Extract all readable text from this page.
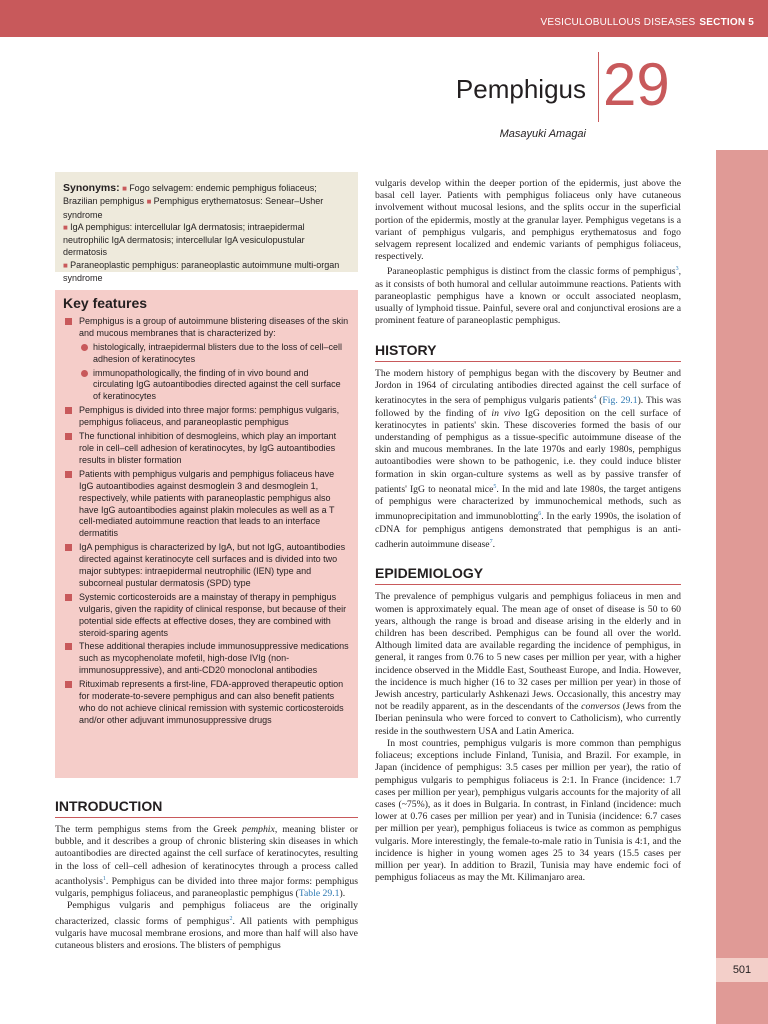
VESICULOBULLOUS DISEASES SECTION 5
501
Pemphigus 29
Masayuki Amagai
Synonyms: ■ Fogo selvagem: endemic pemphigus foliaceus; Brazilian pemphigus ■ Pemphigus erythematosus: Senear–Usher syndrome
■ IgA pemphigus: intercellular IgA dermatosis; intraepidermal neutrophilic IgA dermatosis; intercellular IgA vesiculopustular dermatosis
■ Paraneoplastic pemphigus: paraneoplastic autoimmune multi-organ syndrome
Key features
Pemphigus is a group of autoimmune blistering diseases of the skin and mucous membranes that is characterized by:
histologically, intraepidermal blisters due to the loss of cell–cell adhesion of keratinocytes
immunopathologically, the finding of in vivo bound and circulating IgG autoantibodies directed against the cell surface of keratinocytes
Pemphigus is divided into three major forms: pemphigus vulgaris, pemphigus foliaceus, and paraneoplastic pemphigus
The functional inhibition of desmogleins, which play an important role in cell–cell adhesion of keratinocytes, by IgG autoantibodies results in blister formation
Patients with pemphigus vulgaris and pemphigus foliaceus have IgG autoantibodies against desmoglein 3 and desmoglein 1, respectively, while patients with paraneoplastic pemphigus also have IgG autoantibodies against plakin molecules as well as a T cell-mediated autoimmune reaction that leads to an interface dermatitis
IgA pemphigus is characterized by IgA, but not IgG, autoantibodies directed against keratinocyte cell surfaces and is divided into two major subtypes: intraepidermal neutrophilic (IEN) type and subcorneal pustular dermatosis (SPD) type
Systemic corticosteroids are a mainstay of therapy in pemphigus vulgaris, given the rapidity of clinical response, but because of their potential side effects at effective doses, they are combined with steroid-sparing agents
These additional therapies include immunosuppressive medications such as mycophenolate mofetil, high-dose IVIg (non-immunosuppressive), and anti-CD20 monoclonal antibodies
Rituximab represents a first-line, FDA-approved therapeutic option for moderate-to-severe pemphigus and can also benefit patients who do not achieve clinical remission with systemic corticosteroids and/or other adjuvant immunosuppressive drugs
INTRODUCTION

The term pemphigus stems from the Greek pemphix, meaning blister or bubble, and it describes a group of chronic blistering skin diseases in which autoantibodies are directed against the cell surface of keratinocytes, resulting in the loss of cell–cell adhesion of keratinocytes through a process called acantholysis$^1$. Pemphigus can be divided into three major forms: pemphigus vulgaris, pemphigus foliaceus, and paraneoplastic pemphigus (Table 29.1).

Pemphigus vulgaris and pemphigus foliaceus are the originally characterized, classic forms of pemphigus$^2$. All patients with pemphigus vulgaris have mucosal membrane erosions, and more than half will also have cutaneous blisters and erosions. The blisters of pemphigus

vulgaris develop within the deeper portion of the epidermis, just above the basal cell layer. Patients with pemphigus foliaceus only have cutaneous involvement without mucosal lesions, and the splits occur in the superficial portion of the epidermis, mostly at the granular layer. Pemphigus vegetans is a variant of pemphigus vulgaris, and pemphigus erythematosus and fogo selvagem represent localized and endemic variants of pemphigus foliaceus, respectively.

Paraneoplastic pemphigus is distinct from the classic forms of pemphigus$^3$, as it consists of both humoral and cellular autoimmune reactions. Patients with paraneoplastic pemphigus have a known or occult associated neoplasm, usually of lymphoid tissue. Painful, severe oral and conjunctival erosions are a prominent feature of paraneoplastic pemphigus.

HISTORY

The modern history of pemphigus began with the discovery by Beutner and Jordon in 1964 of circulating antibodies directed against the cell surface of keratinocytes in the sera of pemphigus vulgaris patients$^4$ (Fig. 29.1). This was followed by the finding of in vivo IgG deposition on the cell surface of keratinocytes in patients' skin. These discoveries formed the basis of our understanding of pemphigus as a tissue-specific autoimmune disease of the skin and mucous membranes. In the late 1970s and early 1980s, pemphigus autoantibodies were shown to be pathogenic, i.e. they could induce blister formation in skin organ-culture systems as well as by passive transfer of patients' IgG to neonatal mice$^5$. In the mid and late 1980s, the target antigens of pemphigus were characterized by immunochemical methods, such as immunoprecipitation and immunoblotting$^6$. In the early 1990s, the isolation of cDNA for pemphigus antigens demonstrated that pemphigus is an anti-cadherin autoimmune disease$^7$.

EPIDEMIOLOGY

The prevalence of pemphigus vulgaris and pemphigus foliaceus in men and women is approximately equal. The mean age of onset of disease is 50 to 60 years, although the range is broad and disease arising in the elderly and in children has been described. Pemphigus can be found all over the world. Although limited data are available regarding the incidence of pemphigus, in general, it ranges from 0.76 to 5 new cases per million per year, with a higher incidence observed in the Middle East, Southeast Europe, and India. However, the incidence is much higher (16 to 32 cases per million per year) in those of Jewish ancestry, particularly Ashkenazi Jews. Occasionally, this ancestry may not be readily apparent, as in the descendants of the conversos (Jews from the Iberian peninsula who were forced to convert to Catholicism), who currently reside in the southwestern USA and Latin America.

In most countries, pemphigus vulgaris is more common than pemphigus foliaceus; exceptions include Finland, Tunisia, and Brazil. For example, in Japan (incidence of pemphigus: 3.5 cases per million per year), the ratio of pemphigus vulgaris to pemphigus foliaceus is 2:1. In France (incidence: 1.7 cases per million per year), pemphigus vulgaris accounts for the majority of all cases (~75%), as it does in Bulgaria. In contrast, in Finland (incidence: much lower at 0.76 cases per million per year) and in Tunisia (incidence: 6.7 cases per million per year), pemphigus foliaceus is twice as common as pemphigus vulgaris. More interestingly, the female-to-male ratio in Tunisia is 4:1, and the incidence is higher in young women ages 25 to 34 years (15.5 cases per million per year). In addition to Brazil, Tunisia may have endemic foci of pemphigus foliaceus as may the Mt. Kilimanjaro area.
